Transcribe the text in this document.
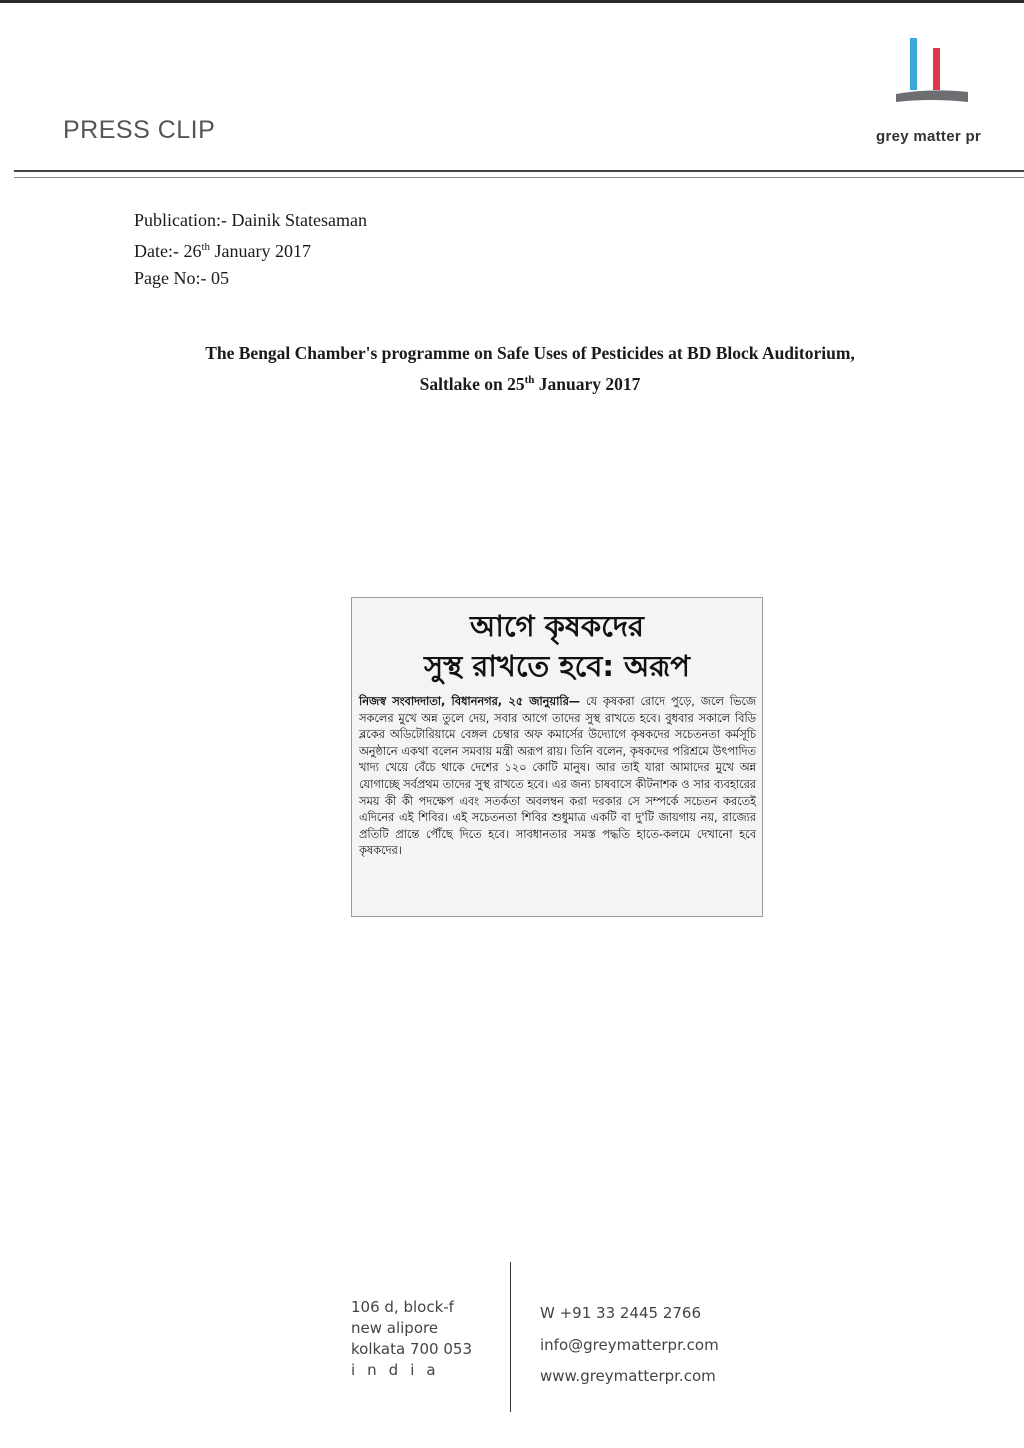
PRESS CLIP	grey matter pr
Publication:- Dainik Statesaman
Date:- 26th January 2017
Page No:- 05
The Bengal Chamber's programme on Safe Uses of Pesticides at BD Block Auditorium,
Saltlake on 25th January 2017
আগে কৃষকদের
সুস্থ রাখতে হবে: অরূপ
নিজস্ব সংবাদদাতা, বিধাননগর, ২৫ জানুয়ারি— যে কৃষকরা রোদে পুড়ে, জলে ভিজে সকলের মুখে অন্ন তুলে দেয়, সবার আগে তাদের সুস্থ রাখতে হবে। বুধবার সকালে বিডি ব্লকের অডিটোরিয়ামে বেঙ্গল চেম্বার অফ কমার্সের উদ্যোগে কৃষকদের সচেতনতা কর্মসূচি অনুষ্ঠানে একথা বলেন সমবায় মন্ত্রী অরূপ রায়। তিনি বলেন, কৃষকদের পরিশ্রমে উৎপাদিত খাদ্য খেয়ে বেঁচে থাকে দেশের ১২০ কোটি মানুষ। আর তাই যারা আমাদের মুখে অন্ন যোগাচ্ছে সর্বপ্রথম তাদের সুস্থ রাখতে হবে। এর জন্য চাষবাসে কীটনাশক ও সার ব্যবহারের সময় কী কী পদক্ষেপ এবং সতর্কতা অবলম্বন করা দরকার সে সম্পর্কে সচেতন করতেই এদিনের এই শিবির। এই সচেতনতা শিবির শুধুমাত্র একটি বা দু'টি জায়গায় নয়, রাজ্যের প্রতিটি প্রান্তে পৌঁছে দিতে হবে। সাবধানতার সমস্ত পদ্ধতি হাতে-কলমে দেখানো হবে কৃষকদের।
106 d, block-f
new alipore
kolkata 700 053
india
W +91 33 2445 2766
info@greymatterpr.com
www.greymatterpr.com
